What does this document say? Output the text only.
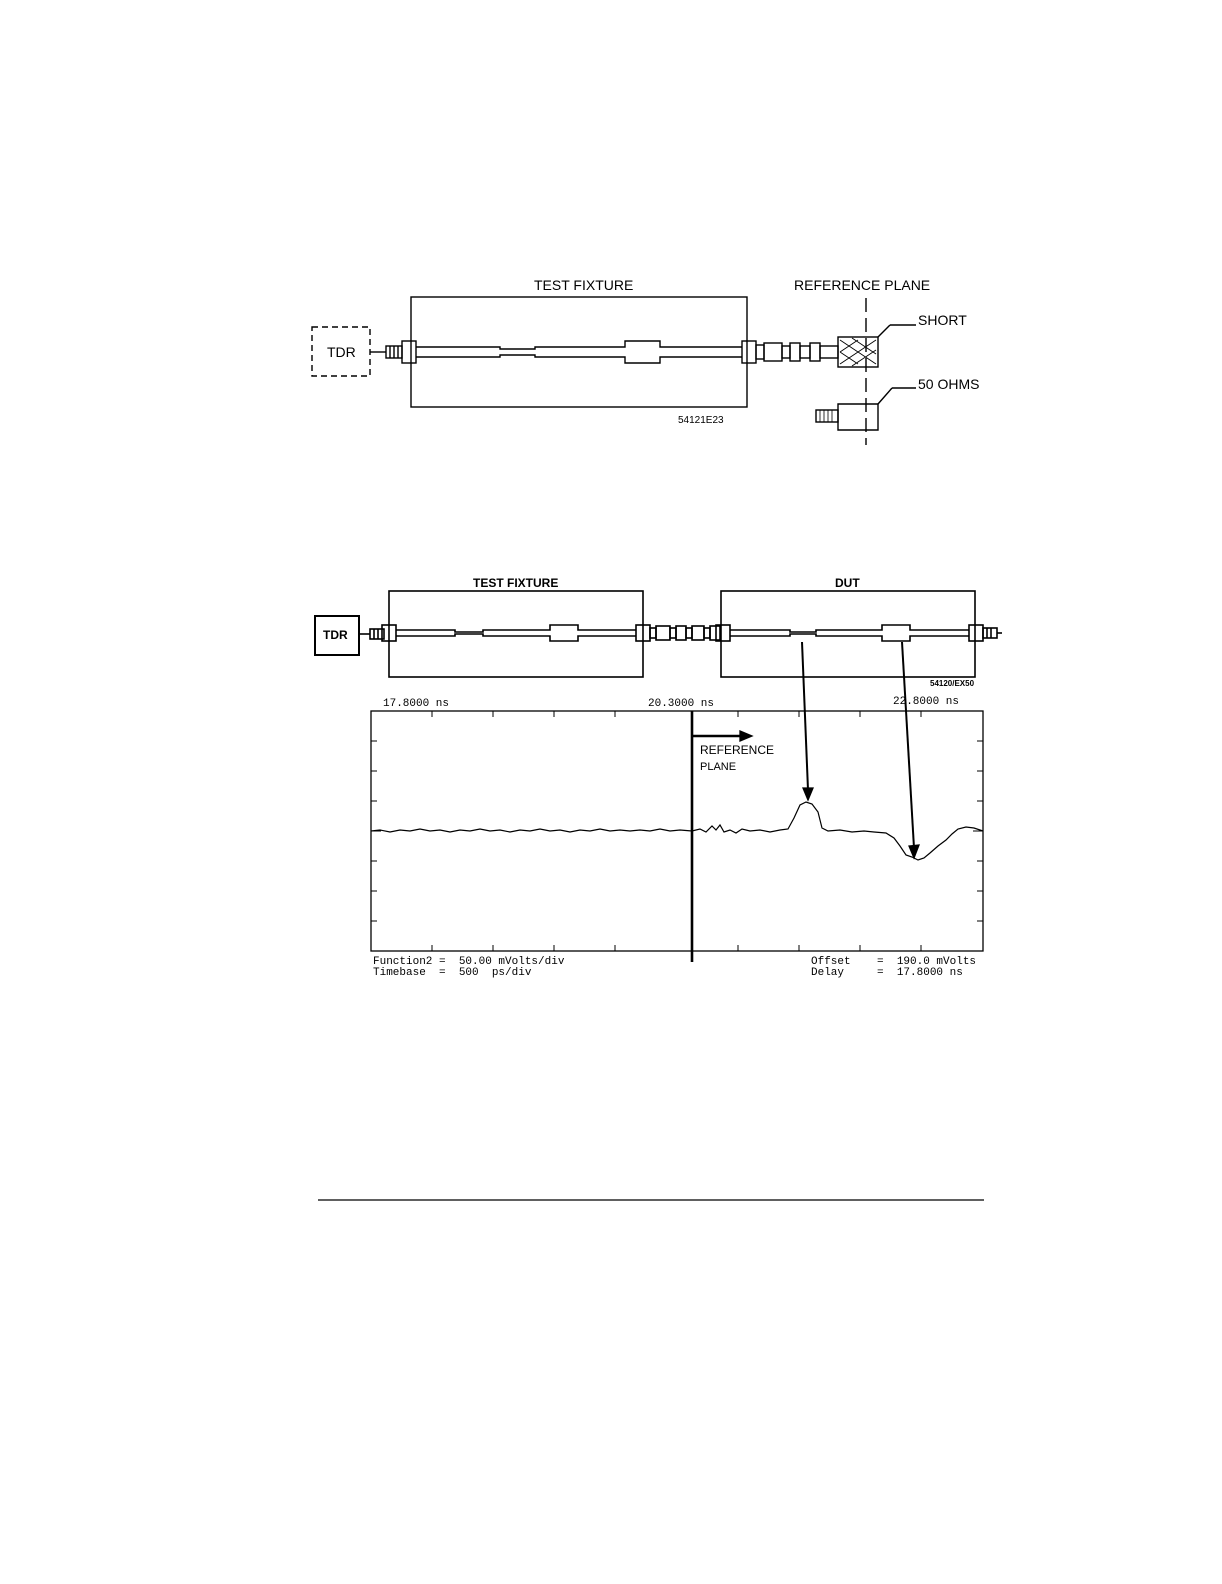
TDR
TEST FIXTURE	REFERENCE PLANE
SHORT
50 OHMS
54121E23
TDR
TEST FIXTURE	DUT
54120/EX50
17.8000 ns	20.3000 ns	22.8000 ns
Function2 =  50.00 mVolts/div
Timebase  =  500  ps/div
Offset    =  190.0 mVolts
Delay     =  17.8000 ns
REFERENCE
PLANE
